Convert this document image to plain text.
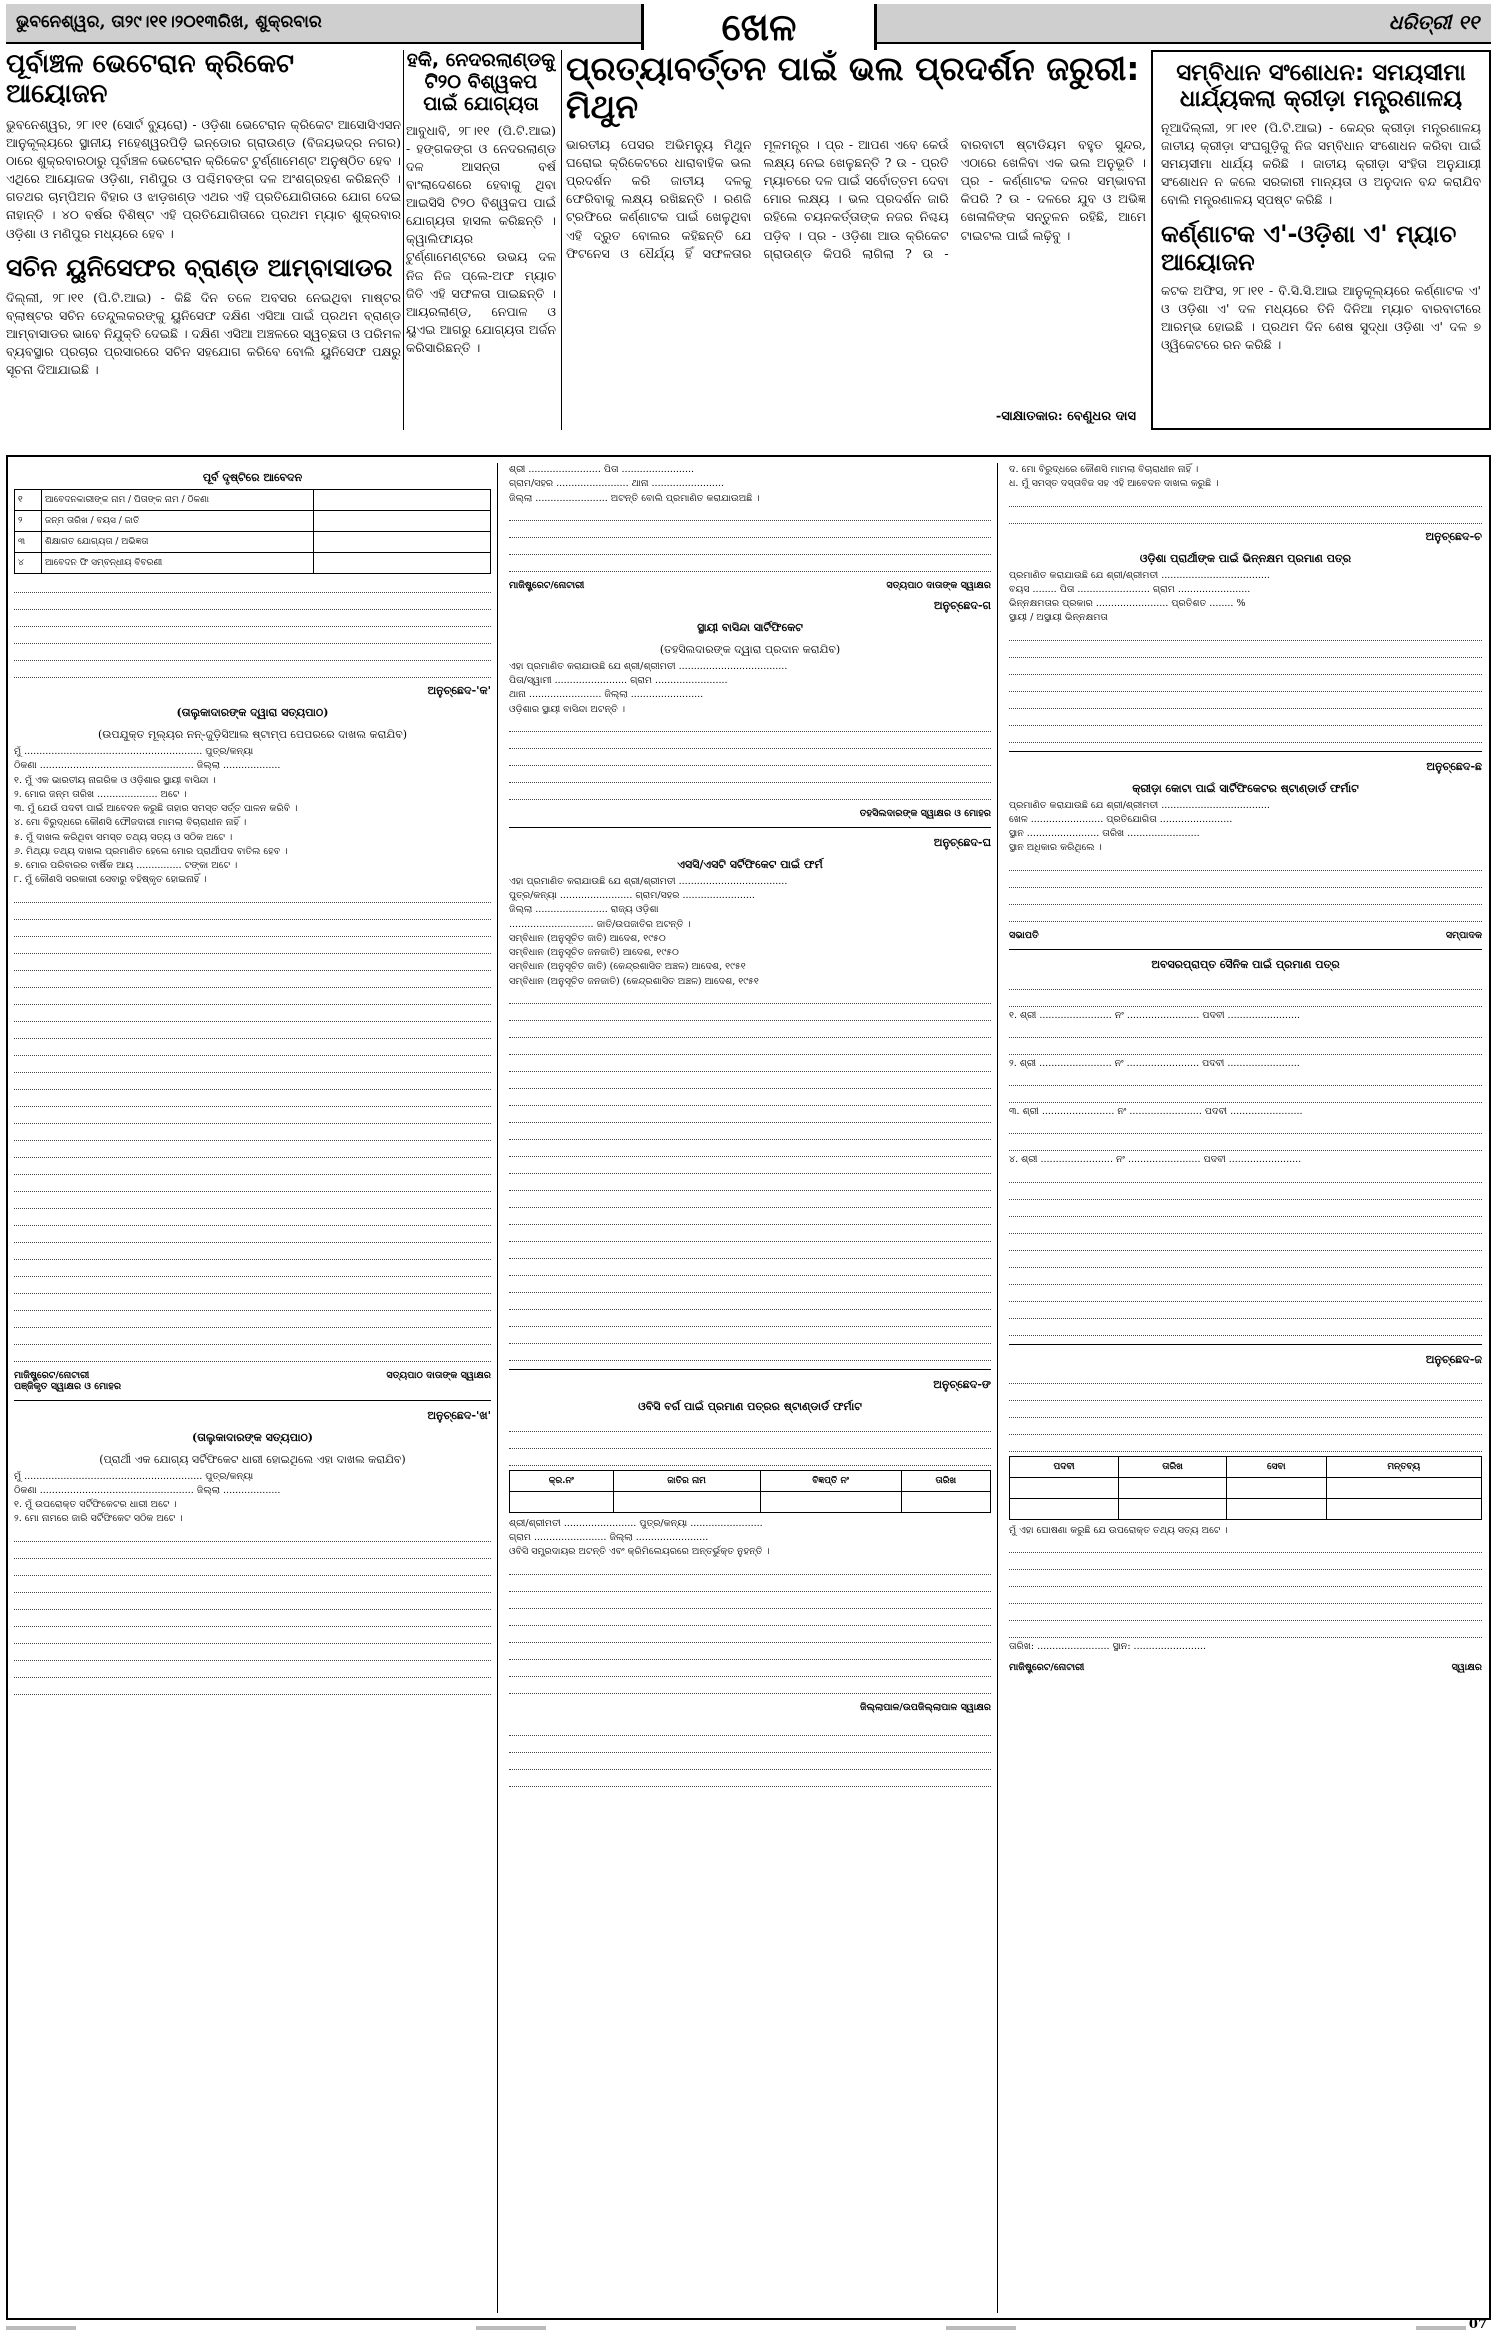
ଭୁବନେଶ୍ୱର, ତା୨୯।୧୧।୨୦୧୩ରିଖ, ଶୁକ୍ରବାର	ଖେଳ	ଧରିତ୍ରୀ ୧୧
ପୂର୍ବାଞ୍ଚଳ ଭେଟେରାନ କ୍ରିକେଟ ଆୟୋଜନ

ଭୁବନେଶ୍ୱର, ୨୮।୧୧ (ସୋର୍ଟ ବ୍ୟୁରୋ) - ଓଡ଼ିଶା ଭେଟେରାନ କ୍ରିକେଟ ଆସୋସିଏସନ ଆନୁକୂଲ୍ୟରେ ସ୍ଥାନୀୟ ମହେଶ୍ୱରପିଡ଼ି ଇନ୍‌ଡୋର ଗ୍ରାଉଣ୍ଡ (ବିଜୟଭଦ୍ର ନଗର) ଠାରେ ଶୁକ୍ରବାରଠାରୁ ପୂର୍ବାଞ୍ଚଳ ଭେଟେରାନ କ୍ରିକେଟ ଟୁର୍ଣ୍ଣାମେଣ୍ଟ ଅନୁଷ୍ଠିତ ହେବ । ଏଥିରେ ଆୟୋଜକ ଓଡ଼ିଶା, ମଣିପୁର ଓ ପଶ୍ଚିମବଙ୍ଗ ଦଳ ଅଂଶଗ୍ରହଣ କରିଛନ୍ତି । ଗତଥର ଚାମ୍ପିଅନ ବିହାର ଓ ଝାଡ଼ଖଣ୍ଡ ଏଥର ଏହି ପ୍ରତିଯୋଗିତାରେ ଯୋଗ ଦେଇ ନାହାନ୍ତି । ୪୦ ବର୍ଷର ବିଶିଷ୍ଟ ଏହି ପ୍ରତିଯୋଗିତାରେ ପ୍ରଥମ ମ୍ୟାଚ ଶୁକ୍ରବାର ଓଡ଼ିଶା ଓ ମଣିପୁର ମଧ୍ୟରେ ହେବ ।

ସଚିନ ୟୁନିସେଫର ବ୍ରାଣ୍ଡ ଆମ୍ବାସାଡର

ଦିଲ୍ଲୀ, ୨୮।୧୧ (ପି.ଟି.ଆଇ) - କିଛି ଦିନ ତଳେ ଅବସର ନେଇଥିବା ମାଷ୍ଟର ବ୍ଲାଷ୍ଟର ସଚିନ ତେନ୍ଦୁଲକରଙ୍କୁ ୟୁନିସେଫ ଦକ୍ଷିଣ ଏସିଆ ପାଇଁ ପ୍ରଥମ ବ୍ରାଣ୍ଡ ଆମ୍ବାସାଡର ଭାବେ ନିଯୁକ୍ତି ଦେଇଛି । ଦକ୍ଷିଣ ଏସିଆ ଅଞ୍ଚଳରେ ସ୍ୱଚ୍ଛତା ଓ ପରିମଳ ବ୍ୟବସ୍ଥାର ପ୍ରଚାର ପ୍ରସାରରେ ସଚିନ ସହଯୋଗ କରିବେ ବୋଲି ୟୁନିସେଫ ପକ୍ଷରୁ ସୂଚନା ଦିଆଯାଇଛି ।

ହକି, ନେଦରଲାଣ୍ଡକୁ ଟି୨୦ ବିଶ୍ୱକପ ପାଇଁ ଯୋଗ୍ୟତା

ଆବୁଧାବି, ୨୮।୧୧ (ପି.ଟି.ଆଇ) - ହଙ୍ଗକଙ୍ଗ ଓ ନେଦରଲାଣ୍ଡ ଦଳ ଆସନ୍ତା ବର୍ଷ ବାଂଲାଦେଶରେ ହେବାକୁ ଥିବା ଆଇସିସି ଟି୨୦ ବିଶ୍ୱକପ ପାଇଁ ଯୋଗ୍ୟତା ହାସଲ କରିଛନ୍ତି । କ୍ୱାଲିଫାୟର ଟୁର୍ଣ୍ଣାମେଣ୍ଟରେ ଉଭୟ ଦଳ ନିଜ ନିଜ ପ୍ଲେ-ଅଫ ମ୍ୟାଚ ଜିତି ଏହି ସଫଳତା ପାଇଛନ୍ତି । ଆୟରଲାଣ୍ଡ, ନେପାଳ ଓ ୟୁଏଇ ଆଗରୁ ଯୋଗ୍ୟତା ଅର୍ଜନ କରିସାରିଛନ୍ତି ।

ପ୍ରତ୍ୟାବର୍ତ୍ତନ ପାଇଁ ଭଲ ପ୍ରଦର୍ଶନ ଜରୁରୀ: ମିଥୁନ

ଭାରତୀୟ ପେସର ଅଭିମନ୍ୟୁ ମିଥୁନ ଘରୋଇ କ୍ରିକେଟରେ ଧାରାବାହିକ ଭଲ ପ୍ରଦର୍ଶନ କରି ଜାତୀୟ ଦଳକୁ ଫେରିବାକୁ ଲକ୍ଷ୍ୟ ରଖିଛନ୍ତି । ରଣଜି ଟ୍ରଫିରେ କର୍ଣ୍ଣାଟକ ପାଇଁ ଖେଳୁଥିବା ଏହି ଦ୍ରୁତ ବୋଲର କହିଛନ୍ତି ଯେ ଫିଟନେସ ଓ ଧୈର୍ଯ୍ୟ ହିଁ ସଫଳତାର ମୂଳମନ୍ତ୍ର । ପ୍ର - ଆପଣ ଏବେ କେଉଁ ଲକ୍ଷ୍ୟ ନେଇ ଖେଳୁଛନ୍ତି ? ଉ - ପ୍ରତି ମ୍ୟାଚରେ ଦଳ ପାଇଁ ସର୍ବୋତ୍ତମ ଦେବା ମୋର ଲକ୍ଷ୍ୟ । ଭଲ ପ୍ରଦର୍ଶନ ଜାରି ରହିଲେ ଚୟନକର୍ତ୍ତାଙ୍କ ନଜର ନିଶ୍ଚୟ ପଡ଼ିବ । ପ୍ର - ଓଡ଼ିଶା ଆଉ କ୍ରିକେଟ ଗ୍ରାଉଣ୍ଡ କିପରି ଲାଗିଲା ? ଉ - ବାରବାଟୀ ଷ୍ଟାଡିୟମ ବହୁତ ସୁନ୍ଦର, ଏଠାରେ ଖେଳିବା ଏକ ଭଲ ଅନୁଭୂତି । ପ୍ର - କର୍ଣ୍ଣାଟକ ଦଳର ସମ୍ଭାବନା କିପରି ? ଉ - ଦଳରେ ଯୁବ ଓ ଅଭିଜ୍ଞ ଖେଳାଳିଙ୍କ ସନ୍ତୁଳନ ରହିଛି, ଆମେ ଟାଇଟଲ ପାଇଁ ଲଢ଼ିବୁ ।

-ସାକ୍ଷାତକାର: ବେଣୁଧର ଦାସ
ସମ୍ବିଧାନ ସଂଶୋଧନ: ସମୟସୀମା ଧାର୍ଯ୍ୟକଲା କ୍ରୀଡ଼ା ମନ୍ତ୍ରଣାଳୟ

ନୂଆଦିଲ୍ଲୀ, ୨୮।୧୧ (ପି.ଟି.ଆଇ) - କେନ୍ଦ୍ର କ୍ରୀଡ଼ା ମନ୍ତ୍ରଣାଳୟ ଜାତୀୟ କ୍ରୀଡ଼ା ସଂଘଗୁଡ଼ିକୁ ନିଜ ସମ୍ବିଧାନ ସଂଶୋଧନ କରିବା ପାଇଁ ସମୟସୀମା ଧାର୍ଯ୍ୟ କରିଛି । ଜାତୀୟ କ୍ରୀଡ଼ା ସଂହିତା ଅନୁଯାୟୀ ସଂଶୋଧନ ନ କଲେ ସରକାରୀ ମାନ୍ୟତା ଓ ଅନୁଦାନ ବନ୍ଦ କରାଯିବ ବୋଲି ମନ୍ତ୍ରଣାଳୟ ସ୍ପଷ୍ଟ କରିଛି ।

କର୍ଣ୍ଣାଟକ ଏ'-ଓଡ଼ିଶା ଏ' ମ୍ୟାଚ ଆୟୋଜନ

କଟକ ଅଫିସ, ୨୮।୧୧ - ବି.ସି.ସି.ଆଇ ଆନୁକୂଲ୍ୟରେ କର୍ଣ୍ଣାଟକ ଏ' ଓ ଓଡ଼ିଶା ଏ' ଦଳ ମଧ୍ୟରେ ତିନି ଦିନିଆ ମ୍ୟାଚ ବାରବାଟୀରେ ଆରମ୍ଭ ହୋଇଛି । ପ୍ରଥମ ଦିନ ଶେଷ ସୁଦ୍ଧା ଓଡ଼ିଶା ଏ' ଦଳ ୭ ଓ୍ୱିକେଟରେ ରନ କରିଛି ।

ପୂର୍ବ ଦୃଷ୍ଟିରେ ଆବେଦନ
୧	ଆବେଦନକାରୀଙ୍କ ନାମ / ପିତାଙ୍କ ନାମ / ଠିକଣା	
୨	ଜନ୍ମ ତାରିଖ / ବୟସ / ଜାତି	
୩	ଶିକ୍ଷାଗତ ଯୋଗ୍ୟତା / ଅଭିଜ୍ଞତା	
୪	ଆବେଦନ ଫି ସମ୍ବନ୍ଧୀୟ ବିବରଣୀ	
ଅନୁଚ୍ଛେଦ-'କ'
(ତାଲୁକାଦାରଙ୍କ ଦ୍ୱାରା ସତ୍ୟପାଠ)
(ଉପଯୁକ୍ତ ମୂଲ୍ୟର ନନ୍-ଜୁଡ଼ିସିଆଲ ଷ୍ଟାମ୍ପ ପେପରରେ ଦାଖଲ କରାଯିବ)
ମୁଁ ........................................................... ପୁତ୍ର/କନ୍ୟା
ଠିକଣା ................................................... ଜିଲ୍ଲା ...................
୧. ମୁଁ ଏକ ଭାରତୀୟ ନାଗରିକ ଓ ଓଡ଼ିଶାର ସ୍ଥାୟୀ ବାସିନ୍ଦା ।
୨. ମୋର ଜନ୍ମ ତାରିଖ .................... ଅଟେ ।
୩. ମୁଁ ଯେଉଁ ପଦବୀ ପାଇଁ ଆବେଦନ କରୁଛି ତାହାର ସମସ୍ତ ସର୍ତ୍ତ ପାଳନ କରିବି ।
୪. ମୋ ବିରୁଦ୍ଧରେ କୌଣସି ଫୌଜଦାରୀ ମାମଲା ବିଚାରାଧୀନ ନାହିଁ ।
୫. ମୁଁ ଦାଖଲ କରିଥିବା ସମସ୍ତ ତଥ୍ୟ ସତ୍ୟ ଓ ସଠିକ ଅଟେ ।
୬. ମିଥ୍ୟା ତଥ୍ୟ ଦାଖଲ ପ୍ରମାଣିତ ହେଲେ ମୋର ପ୍ରାର୍ଥୀପଦ ବାତିଲ ହେବ ।
୭. ମୋର ପରିବାରର ବାର୍ଷିକ ଆୟ ............... ଟଙ୍କା ଅଟେ ।
୮. ମୁଁ କୌଣସି ସରକାରୀ ସେବାରୁ ବହିଷ୍କୃତ ହୋଇନାହିଁ ।
ମାଜିଷ୍ଟ୍ରେଟ/ନୋଟାରୀ
ପଞ୍ଜିକୃତ ସ୍ୱାକ୍ଷର ଓ ମୋହର
ସତ୍ୟପାଠ ଦାତାଙ୍କ ସ୍ୱାକ୍ଷର
ଅନୁଚ୍ଛେଦ-'ଖ'
(ତାଲୁକାଦାରଙ୍କ ସତ୍ୟପାଠ)
(ପ୍ରାର୍ଥୀ ଏକ ଯୋଗ୍ୟ ସର୍ଟିଫିକେଟ ଧାରୀ ହୋଇଥିଲେ ଏହା ଦାଖଲ କରାଯିବ)
ମୁଁ ........................................................... ପୁତ୍ର/କନ୍ୟା
ଠିକଣା ................................................... ଜିଲ୍ଲା ...................
୧. ମୁଁ ଉପରୋକ୍ତ ସର୍ଟିଫିକେଟର ଧାରୀ ଅଟେ ।
୨. ମୋ ନାମରେ ଜାରି ସର୍ଟିଫିକେଟ ସଠିକ ଅଟେ ।
ଶ୍ରୀ ........................ ପିତା ........................
ଗ୍ରାମ/ସହର ........................ ଥାନା ........................
ଜିଲ୍ଲା ........................ ଅଟନ୍ତି ବୋଲି ପ୍ରମାଣିତ କରାଯାଉଅଛି ।
ମାଜିଷ୍ଟ୍ରେଟ/ନୋଟାରୀ	ସତ୍ୟପାଠ ଦାତାଙ୍କ ସ୍ୱାକ୍ଷର
ଅନୁଚ୍ଛେଦ-ଗ
ସ୍ଥାୟୀ ବାସିନ୍ଦା ସାର୍ଟିଫିକେଟ
(ତହସିଲଦାରଙ୍କ ଦ୍ୱାରା ପ୍ରଦାନ କରାଯିବ)
ଏହା ପ୍ରମାଣିତ କରାଯାଉଛି ଯେ ଶ୍ରୀ/ଶ୍ରୀମତୀ ....................................
ପିତା/ସ୍ୱାମୀ ........................ ଗ୍ରାମ ........................
ଥାନା ........................ ଜିଲ୍ଲା ........................
ଓଡ଼ିଶାର ସ୍ଥାୟୀ ବାସିନ୍ଦା ଅଟନ୍ତି ।
ତହସିଲଦାରଙ୍କ ସ୍ୱାକ୍ଷର ଓ ମୋହର
ଅନୁଚ୍ଛେଦ-ଘ
ଏସସି/ଏସଟି ସର୍ଟିଫିକେଟ ପାଇଁ ଫର୍ମ
ଏହା ପ୍ରମାଣିତ କରାଯାଉଛି ଯେ ଶ୍ରୀ/ଶ୍ରୀମତୀ ....................................
ପୁତ୍ର/କନ୍ୟା ........................ ଗ୍ରାମ/ସହର ........................
ଜିଲ୍ଲା ........................ ରାଜ୍ୟ ଓଡ଼ିଶା
............................ ଜାତି/ଉପଜାତିର ଅଟନ୍ତି ।
ସମ୍ବିଧାନ (ଅନୁସୂଚିତ ଜାତି) ଆଦେଶ, ୧୯୫୦
ସମ୍ବିଧାନ (ଅନୁସୂଚିତ ଜନଜାତି) ଆଦେଶ, ୧୯୫୦
ସମ୍ବିଧାନ (ଅନୁସୂଚିତ ଜାତି) (କେନ୍ଦ୍ରଶାସିତ ଅଞ୍ଚଳ) ଆଦେଶ, ୧୯୫୧
ସମ୍ବିଧାନ (ଅନୁସୂଚିତ ଜନଜାତି) (କେନ୍ଦ୍ରଶାସିତ ଅଞ୍ଚଳ) ଆଦେଶ, ୧୯୫୧
ଅନୁଚ୍ଛେଦ-ଙ
ଓବିସି ବର୍ଗ ପାଇଁ ପ୍ରମାଣ ପତ୍ରର ଷ୍ଟାଣ୍ଡାର୍ଡ ଫର୍ମାଟ
କ୍ର.ନଂ	ଜାତିର ନାମ	ବିଜ୍ଞପ୍ତି ନଂ	ତାରିଖ

ଶ୍ରୀ/ଶ୍ରୀମତୀ ........................ ପୁତ୍ର/କନ୍ୟା ........................
ଗ୍ରାମ ........................ ଜିଲ୍ଲା ........................
ଓବିସି ସମ୍ପ୍ରଦାୟର ଅଟନ୍ତି ଏବଂ କ୍ରିମିଲେୟରରେ ଅନ୍ତର୍ଭୁକ୍ତ ନୁହନ୍ତି ।
ଜିଲ୍ଲାପାଳ/ଉପଜିଲ୍ଲାପାଳ ସ୍ୱାକ୍ଷର
ଦ. ମୋ ବିରୁଦ୍ଧରେ କୌଣସି ମାମଲା ବିଚାରାଧୀନ ନାହିଁ ।
ଧ. ମୁଁ ସମସ୍ତ ଦସ୍ତାବିଜ ସହ ଏହି ଆବେଦନ ଦାଖଲ କରୁଛି ।
ଅନୁଚ୍ଛେଦ-ଚ
ଓଡ଼ିଶା ପ୍ରାର୍ଥୀଙ୍କ ପାଇଁ ଭିନ୍ନକ୍ଷମ ପ୍ରମାଣ ପତ୍ର
ପ୍ରମାଣିତ କରାଯାଉଛି ଯେ ଶ୍ରୀ/ଶ୍ରୀମତୀ ....................................
ବୟସ ........ ପିତା ........................ ଗ୍ରାମ ........................
ଭିନ୍ନକ୍ଷମତାର ପ୍ରକାର ........................ ପ୍ରତିଶତ ........ %
ସ୍ଥାୟୀ / ଅସ୍ଥାୟୀ ଭିନ୍ନକ୍ଷମତା
ଅନୁଚ୍ଛେଦ-ଛ
କ୍ରୀଡ଼ା କୋଟା ପାଇଁ ସାର୍ଟିଫିକେଟର ଷ୍ଟାଣ୍ଡାର୍ଡ ଫର୍ମାଟ
ପ୍ରମାଣିତ କରାଯାଉଛି ଯେ ଶ୍ରୀ/ଶ୍ରୀମତୀ ....................................
ଖେଳ ........................ ପ୍ରତିଯୋଗିତା ........................
ସ୍ଥାନ ........................ ତାରିଖ ........................
ସ୍ଥାନ ଅଧିକାର କରିଥିଲେ ।
ସଭାପତି	ସମ୍ପାଦକ
ଅବସରପ୍ରାପ୍ତ ସୈନିକ ପାଇଁ ପ୍ରମାଣ ପତ୍ର
୧. ଶ୍ରୀ ........................ ନଂ ........................ ପଦବୀ ........................
୨. ଶ୍ରୀ ........................ ନଂ ........................ ପଦବୀ ........................
୩. ଶ୍ରୀ ........................ ନଂ ........................ ପଦବୀ ........................
୪. ଶ୍ରୀ ........................ ନଂ ........................ ପଦବୀ ........................
ଅନୁଚ୍ଛେଦ-ଜ
ପଦବୀ	ତାରିଖ	ସେବା	ମନ୍ତବ୍ୟ

ମୁଁ ଏହା ଘୋଷଣା କରୁଛି ଯେ ଉପରୋକ୍ତ ତଥ୍ୟ ସତ୍ୟ ଅଟେ ।
ତାରିଖ: ........................ ସ୍ଥାନ: ........................
ମାଜିଷ୍ଟ୍ରେଟ/ନୋଟାରୀ	ସ୍ୱାକ୍ଷର
07
